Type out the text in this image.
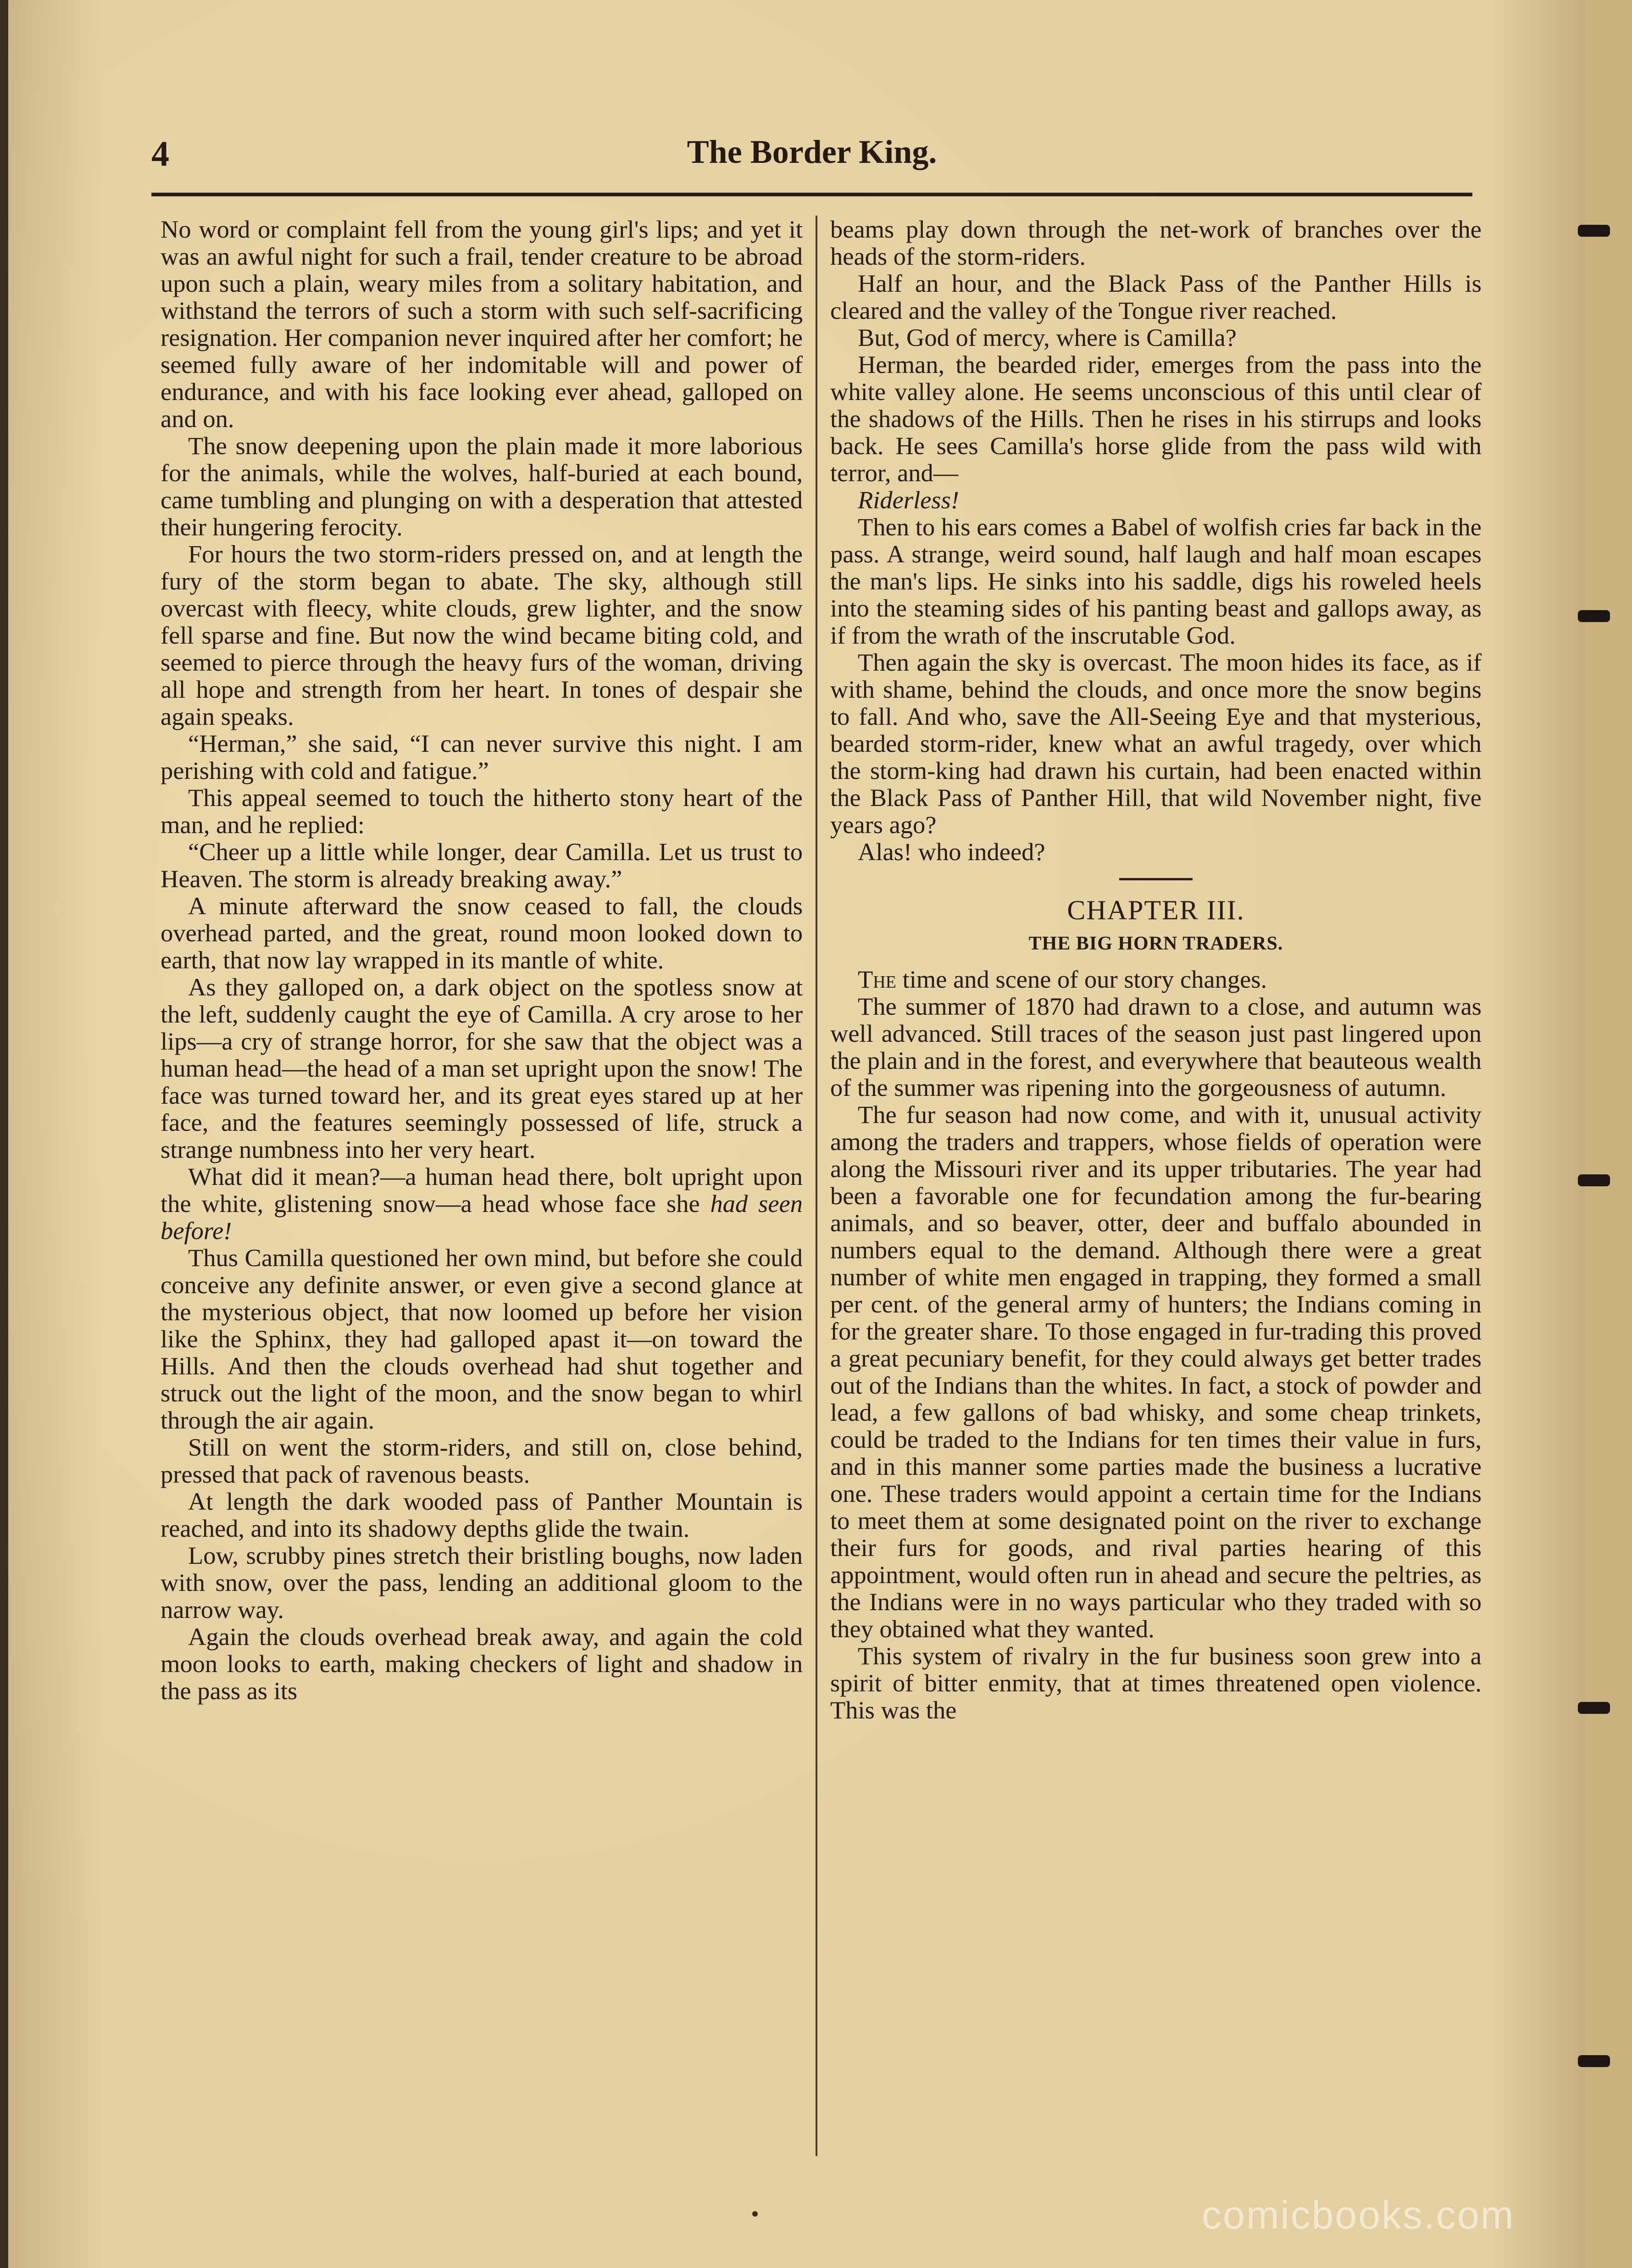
4	The Border King.

No word or complaint fell from the young girl's lips; and yet it was an awful night for such a frail, tender creature to be abroad upon such a plain, weary miles from a solitary habitation, and withstand the terrors of such a storm with such self-sacrificing resignation. Her companion never inquired after her comfort; he seemed fully aware of her indomitable will and power of endurance, and with his face looking ever ahead, galloped on and on.

The snow deepening upon the plain made it more laborious for the animals, while the wolves, half-buried at each bound, came tumbling and plunging on with a desperation that attested their hungering ferocity.

For hours the two storm-riders pressed on, and at length the fury of the storm began to abate. The sky, although still overcast with fleecy, white clouds, grew lighter, and the snow fell sparse and fine. But now the wind became biting cold, and seemed to pierce through the heavy furs of the woman, driving all hope and strength from her heart. In tones of despair she again speaks.

“Herman,” she said, “I can never survive this night. I am perishing with cold and fatigue.”

This appeal seemed to touch the hitherto stony heart of the man, and he replied:

“Cheer up a little while longer, dear Camilla. Let us trust to Heaven. The storm is already breaking away.”

A minute afterward the snow ceased to fall, the clouds overhead parted, and the great, round moon looked down to earth, that now lay wrapped in its mantle of white.

As they galloped on, a dark object on the spotless snow at the left, suddenly caught the eye of Camilla. A cry arose to her lips—a cry of strange horror, for she saw that the object was a human head—the head of a man set upright upon the snow! The face was turned toward her, and its great eyes stared up at her face, and the features seemingly possessed of life, struck a strange numbness into her very heart.

What did it mean?—a human head there, bolt upright upon the white, glistening snow—a head whose face she had seen before!

Thus Camilla questioned her own mind, but before she could conceive any definite answer, or even give a second glance at the mysterious object, that now loomed up before her vision like the Sphinx, they had galloped apast it—on toward the Hills. And then the clouds overhead had shut together and struck out the light of the moon, and the snow began to whirl through the air again.

Still on went the storm-riders, and still on, close behind, pressed that pack of ravenous beasts.

At length the dark wooded pass of Panther Mountain is reached, and into its shadowy depths glide the twain.

Low, scrubby pines stretch their bristling boughs, now laden with snow, over the pass, lending an additional gloom to the narrow way.

Again the clouds overhead break away, and again the cold moon looks to earth, making checkers of light and shadow in the pass as its

beams play down through the net-work of branches over the heads of the storm-riders.

Half an hour, and the Black Pass of the Panther Hills is cleared and the valley of the Tongue river reached.

But, God of mercy, where is Camilla?

Herman, the bearded rider, emerges from the pass into the white valley alone. He seems unconscious of this until clear of the shadows of the Hills. Then he rises in his stirrups and looks back. He sees Camilla's horse glide from the pass wild with terror, and—

Riderless!

Then to his ears comes a Babel of wolfish cries far back in the pass. A strange, weird sound, half laugh and half moan escapes the man's lips. He sinks into his saddle, digs his roweled heels into the steaming sides of his panting beast and gallops away, as if from the wrath of the inscrutable God.

Then again the sky is overcast. The moon hides its face, as if with shame, behind the clouds, and once more the snow begins to fall. And who, save the All-Seeing Eye and that mysterious, bearded storm-rider, knew what an awful tragedy, over which the storm-king had drawn his curtain, had been enacted within the Black Pass of Panther Hill, that wild November night, five years ago?

Alas! who indeed?

CHAPTER III.
THE BIG HORN TRADERS.

The time and scene of our story changes.

The summer of 1870 had drawn to a close, and autumn was well advanced. Still traces of the season just past lingered upon the plain and in the forest, and everywhere that beauteous wealth of the summer was ripening into the gorgeousness of autumn.

The fur season had now come, and with it, unusual activity among the traders and trappers, whose fields of operation were along the Missouri river and its upper tributaries. The year had been a favorable one for fecundation among the fur-bearing animals, and so beaver, otter, deer and buffalo abounded in numbers equal to the demand. Although there were a great number of white men engaged in trapping, they formed a small per cent. of the general army of hunters; the Indians coming in for the greater share. To those engaged in fur-trading this proved a great pecuniary benefit, for they could always get better trades out of the Indians than the whites. In fact, a stock of powder and lead, a few gallons of bad whisky, and some cheap trinkets, could be traded to the Indians for ten times their value in furs, and in this manner some parties made the business a lucrative one. These traders would appoint a certain time for the Indians to meet them at some designated point on the river to exchange their furs for goods, and rival parties hearing of this appointment, would often run in ahead and secure the peltries, as the Indians were in no ways particular who they traded with so they obtained what they wanted.

This system of rivalry in the fur business soon grew into a spirit of bitter enmity, that at times threatened open violence. This was the

comicbooks.com
